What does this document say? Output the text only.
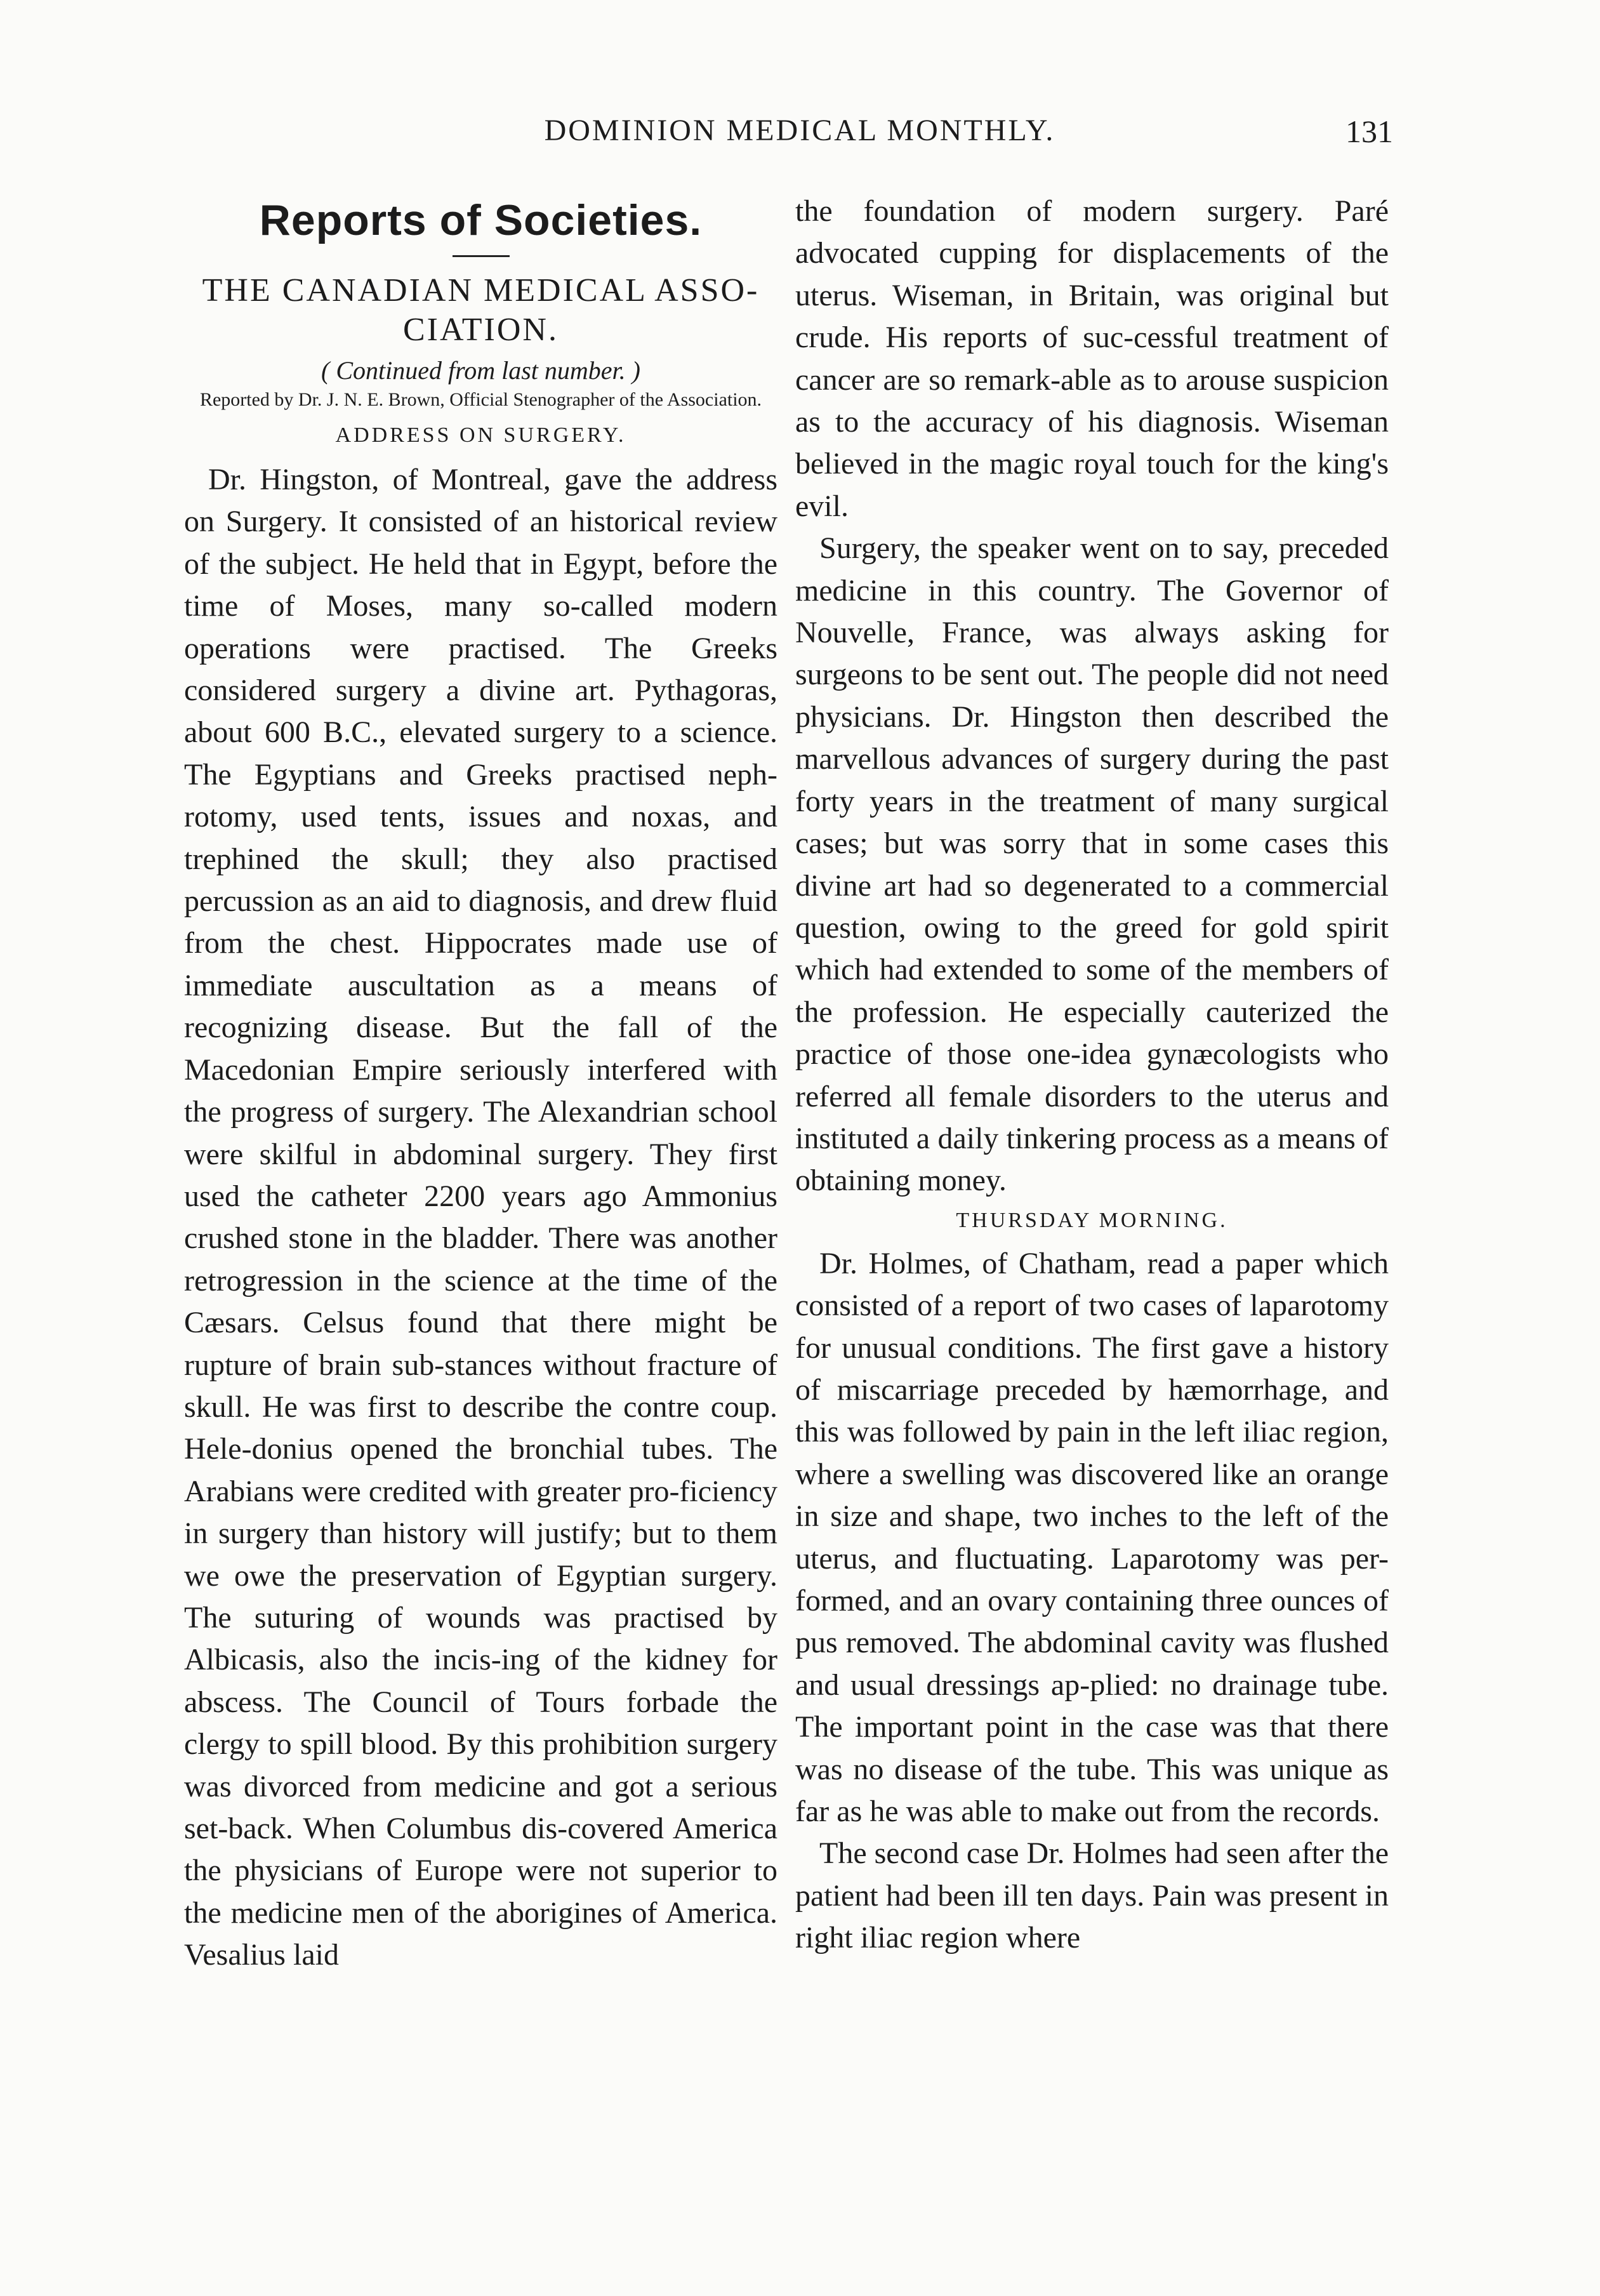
DOMINION MEDICAL MONTHLY.	131
Reports of Societies.
THE CANADIAN MEDICAL ASSO-CIATION.
( Continued from last number. )
Reported by Dr. J. N. E. Brown, Official Stenographer of the Association.
ADDRESS ON SURGERY.

Dr. Hingston, of Montreal, gave the address on Surgery. It consisted of an historical review of the subject. He held that in Egypt, before the time of Moses, many so-called modern operations were practised. The Greeks considered surgery a divine art. Pythagoras, about 600 B.C., elevated surgery to a science. The Egyptians and Greeks practised neph-rotomy, used tents, issues and noxas, and trephined the skull; they also practised percussion as an aid to diagnosis, and drew fluid from the chest. Hippocrates made use of immediate auscultation as a means of recognizing disease. But the fall of the Macedonian Empire seriously interfered with the progress of surgery. The Alexandrian school were skilful in abdominal surgery. They first used the catheter 2200 years ago Ammonius crushed stone in the bladder. There was another retrogression in the science at the time of the Cæsars. Celsus found that there might be rupture of brain sub-stances without fracture of skull. He was first to describe the contre coup. Hele-donius opened the bronchial tubes. The Arabians were credited with greater pro-ficiency in surgery than history will justify; but to them we owe the preservation of Egyptian surgery. The suturing of wounds was practised by Albicasis, also the incis-ing of the kidney for abscess. The Council of Tours forbade the clergy to spill blood. By this prohibition surgery was divorced from medicine and got a serious set-back. When Columbus dis-covered America the physicians of Europe were not superior to the medicine men of the aborigines of America. Vesalius laid

the foundation of modern surgery. Paré advocated cupping for displacements of the uterus. Wiseman, in Britain, was original but crude. His reports of suc-cessful treatment of cancer are so remark-able as to arouse suspicion as to the accuracy of his diagnosis. Wiseman believed in the magic royal touch for the king's evil.

Surgery, the speaker went on to say, preceded medicine in this country. The Governor of Nouvelle, France, was always asking for surgeons to be sent out. The people did not need physicians. Dr. Hingston then described the marvellous advances of surgery during the past forty years in the treatment of many surgical cases; but was sorry that in some cases this divine art had so degenerated to a commercial question, owing to the greed for gold spirit which had extended to some of the members of the profession. He especially cauterized the practice of those one-idea gynæcologists who referred all female disorders to the uterus and instituted a daily tinkering process as a means of obtaining money.

THURSDAY MORNING.

Dr. Holmes, of Chatham, read a paper which consisted of a report of two cases of laparotomy for unusual conditions. The first gave a history of miscarriage preceded by hæmorrhage, and this was followed by pain in the left iliac region, where a swelling was discovered like an orange in size and shape, two inches to the left of the uterus, and fluctuating. Laparotomy was per-formed, and an ovary containing three ounces of pus removed. The abdominal cavity was flushed and usual dressings ap-plied: no drainage tube. The important point in the case was that there was no disease of the tube. This was unique as far as he was able to make out from the records.

The second case Dr. Holmes had seen after the patient had been ill ten days. Pain was present in right iliac region where
